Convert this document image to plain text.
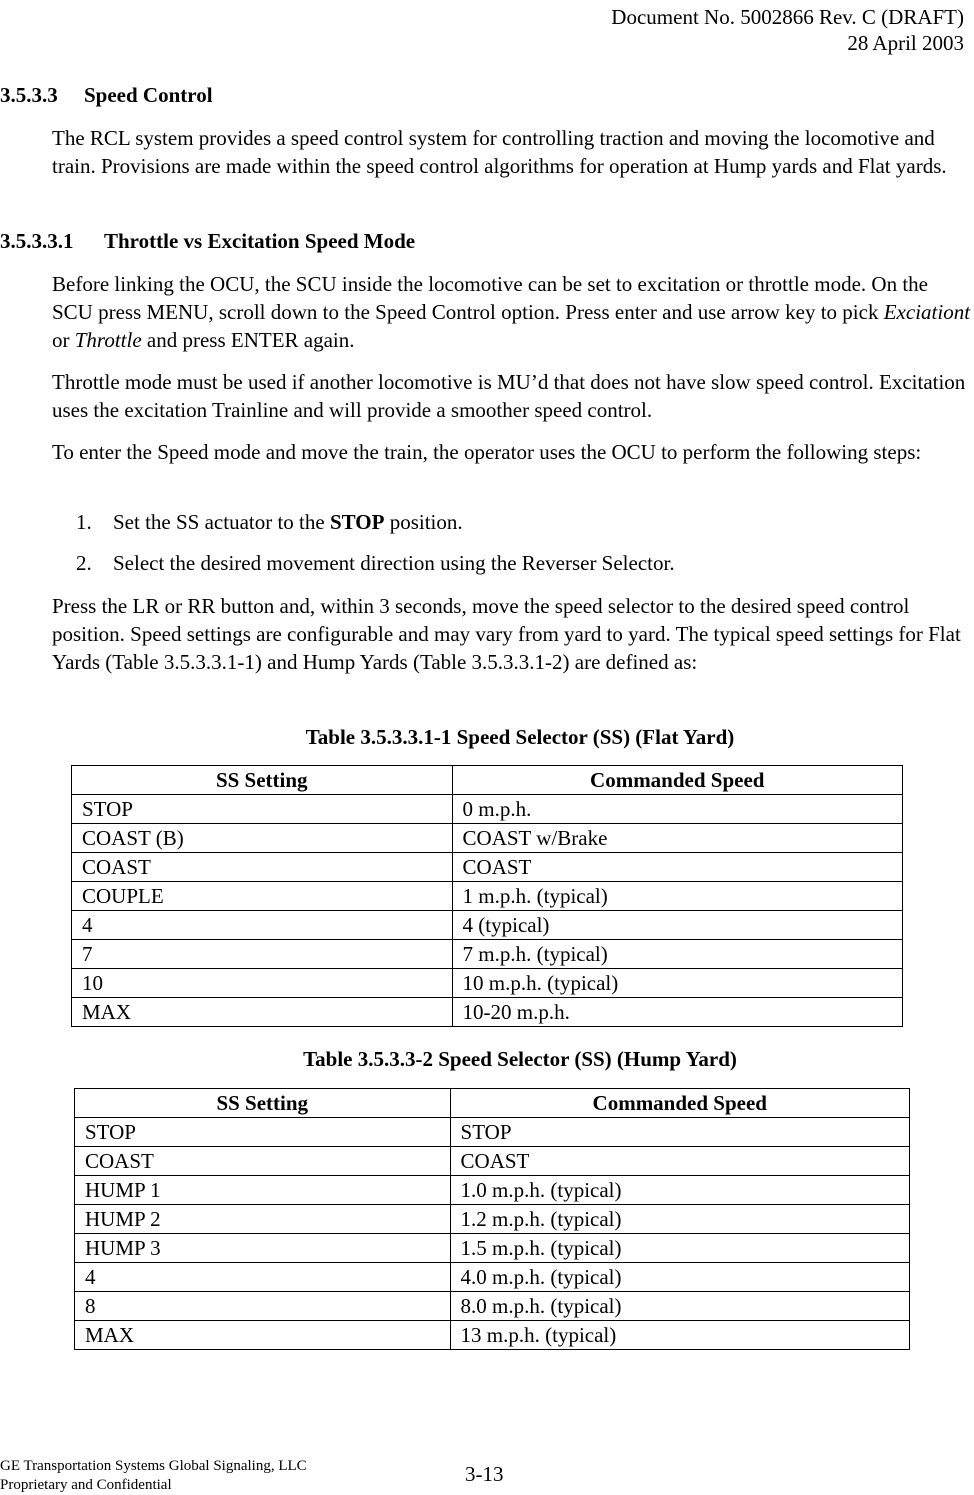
Document No. 5002866 Rev. C (DRAFT)
28 April 2003
3.5.3.3 Speed Control
The RCL system provides a speed control system for controlling traction and moving the locomotive and train. Provisions are made within the speed control algorithms for operation at Hump yards and Flat yards.
3.5.3.3.1 Throttle vs Excitation Speed Mode
Before linking the OCU, the SCU inside the locomotive can be set to excitation or throttle mode. On the SCU press MENU, scroll down to the Speed Control option. Press enter and use arrow key to pick Exciationt or Throttle and press ENTER again.
Throttle mode must be used if another locomotive is MU’d that does not have slow speed control. Excitation uses the excitation Trainline and will provide a smoother speed control.
To enter the Speed mode and move the train, the operator uses the OCU to perform the following steps:
1. Set the SS actuator to the STOP position.
2. Select the desired movement direction using the Reverser Selector.
Press the LR or RR button and, within 3 seconds, move the speed selector to the desired speed control position. Speed settings are configurable and may vary from yard to yard. The typical speed settings for Flat Yards (Table 3.5.3.3.1-1) and Hump Yards (Table 3.5.3.3.1-2) are defined as:
Table 3.5.3.3.1-1 Speed Selector (SS) (Flat Yard)
SS Setting	Commanded Speed
STOP	0 m.p.h.
COAST (B)	COAST w/Brake
COAST	COAST
COUPLE	1 m.p.h. (typical)
4	4 (typical)
7	7 m.p.h. (typical)
10	10 m.p.h. (typical)
MAX	10-20 m.p.h.
Table 3.5.3.3-2 Speed Selector (SS) (Hump Yard)
SS Setting	Commanded Speed
STOP	STOP
COAST	COAST
HUMP 1	1.0 m.p.h. (typical)
HUMP 2	1.2 m.p.h. (typical)
HUMP 3	1.5 m.p.h. (typical)
4	4.0 m.p.h. (typical)
8	8.0 m.p.h. (typical)
MAX	13 m.p.h. (typical)
GE Transportation Systems Global Signaling, LLC
Proprietary and Confidential	3-13
